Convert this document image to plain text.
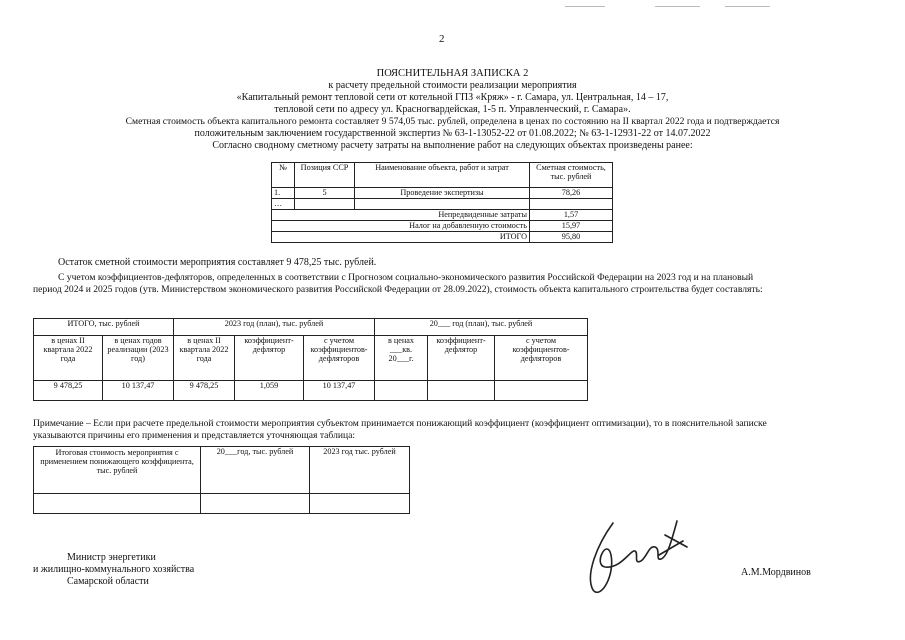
2
ПОЯСНИТЕЛЬНАЯ ЗАПИСКА 2
к расчету предельной стоимости реализации мероприятия
«Капитальный ремонт тепловой сети от котельной ГПЗ «Кряж» - г. Самара, ул. Центральная, 14 – 17,
тепловой сети по адресу ул. Красногвардейская, 1-5 п. Управленческий, г. Самара».
Сметная стоимость объекта капитального ремонта составляет 9 574,05 тыс. рублей, определена в ценах по состоянию на II квартал 2022 года и подтверждается
положительным заключением государственной экспертиз № 63-1-13052-22 от 01.08.2022; № 63-1-12931-22 от 14.07.2022
Согласно сводному сметному расчету затраты на выполнение работ на следующих объектах произведены ранее:
№	Позиция ССР	Наименование объекта, работ и затрат	Сметная стоимость, тыс. рублей
1.	5	Проведение экспертизы	78,26
…			
Непредвиденные затраты			1,57
Налог на добавленную стоимость			15,97
ИТОГО			95,80
Остаток сметной стоимости мероприятия составляет 9 478,25 тыс. рублей.
С учетом коэффициентов-дефляторов, определенных в соответствии с Прогнозом социально-экономического развития Российской Федерации на 2023 год и на плановый
период 2024 и 2025 годов (утв. Министерством экономического развития Российской Федерации от 28.09.2022), стоимость объекта капитального строительства будет составлять:
ИТОГО, тыс. рублей		2023 год (план), тыс. рублей			20___ год (план), тыс. рублей		
в ценах II квартала 2022 года	в ценах годов реализации (2023 год)	в ценах II квартала 2022 года	коэффициент-дефлятор	с учетом коэффициентов-дефляторов	в ценах ___кв. 20___г.	коэффициент-дефлятор	с учетом коэффициентов-дефляторов
9 478,25	10 137,47	9 478,25	1,059	10 137,47			
Примечание – Если при расчете предельной стоимости мероприятия субъектом принимается понижающий коэффициент (коэффициент оптимизации), то в пояснительной записке
указываются причины его применения и представляется уточняющая таблица:
Итоговая стоимость мероприятия с применением понижающего коэффициента, тыс. рублей	20___год, тыс. рублей	2023 год тыс. рублей

Министр энергетики
и жилищно-коммунального хозяйства
Самарской области
А.М.Мордвинов
